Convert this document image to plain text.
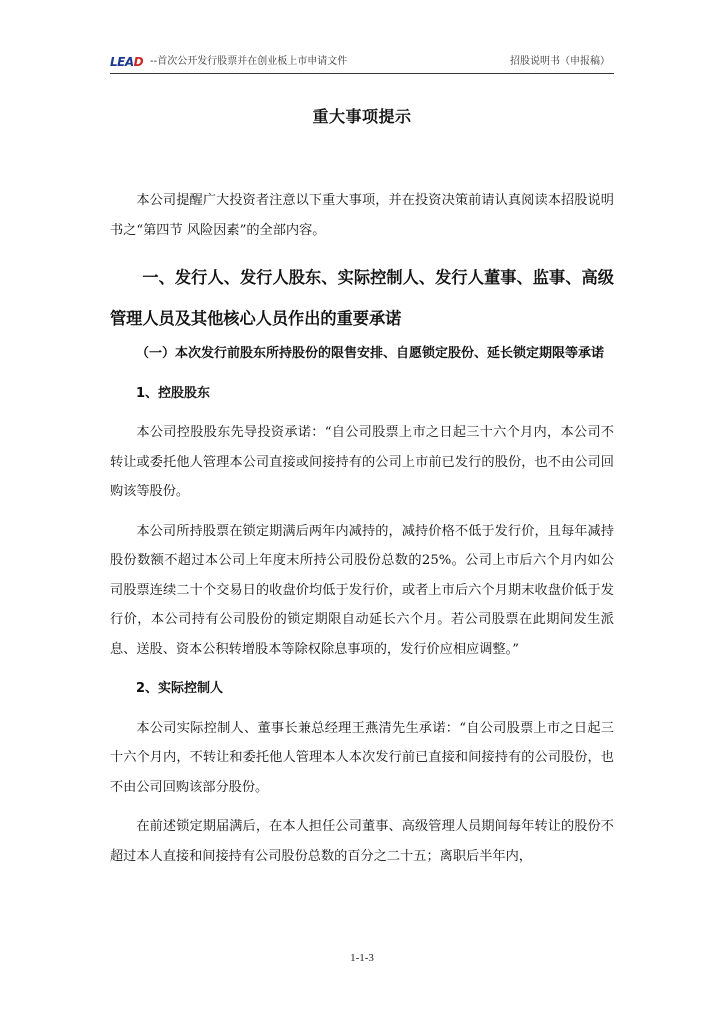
LEAD --首次公开发行股票并在创业板上市申请文件	招股说明书（申报稿）
重大事项提示

本公司提醒广大投资者注意以下重大事项，并在投资决策前请认真阅读本招股说明书之“第四节 风险因素”的全部内容。

一、发行人、发行人股东、实际控制人、发行人董事、监事、高级管理人员及其他核心人员作出的重要承诺

（一）本次发行前股东所持股份的限售安排、自愿锁定股份、延长锁定期限等承诺

1、控股股东

本公司控股股东先导投资承诺：“自公司股票上市之日起三十六个月内，本公司不转让或委托他人管理本公司直接或间接持有的公司上市前已发行的股份，也不由公司回购该等股份。

本公司所持股票在锁定期满后两年内减持的，减持价格不低于发行价，且每年减持股份数额不超过本公司上年度末所持公司股份总数的25%。公司上市后六个月内如公司股票连续二十个交易日的收盘价均低于发行价，或者上市后六个月期末收盘价低于发行价，本公司持有公司股份的锁定期限自动延长六个月。若公司股票在此期间发生派息、送股、资本公积转增股本等除权除息事项的，发行价应相应调整。”

2、实际控制人

本公司实际控制人、董事长兼总经理王燕清先生承诺：“自公司股票上市之日起三十六个月内，不转让和委托他人管理本人本次发行前已直接和间接持有的公司股份，也不由公司回购该部分股份。

在前述锁定期届满后，在本人担任公司董事、高级管理人员期间每年转让的股份不超过本人直接和间接持有公司股份总数的百分之二十五；离职后半年内，

1-1-3
